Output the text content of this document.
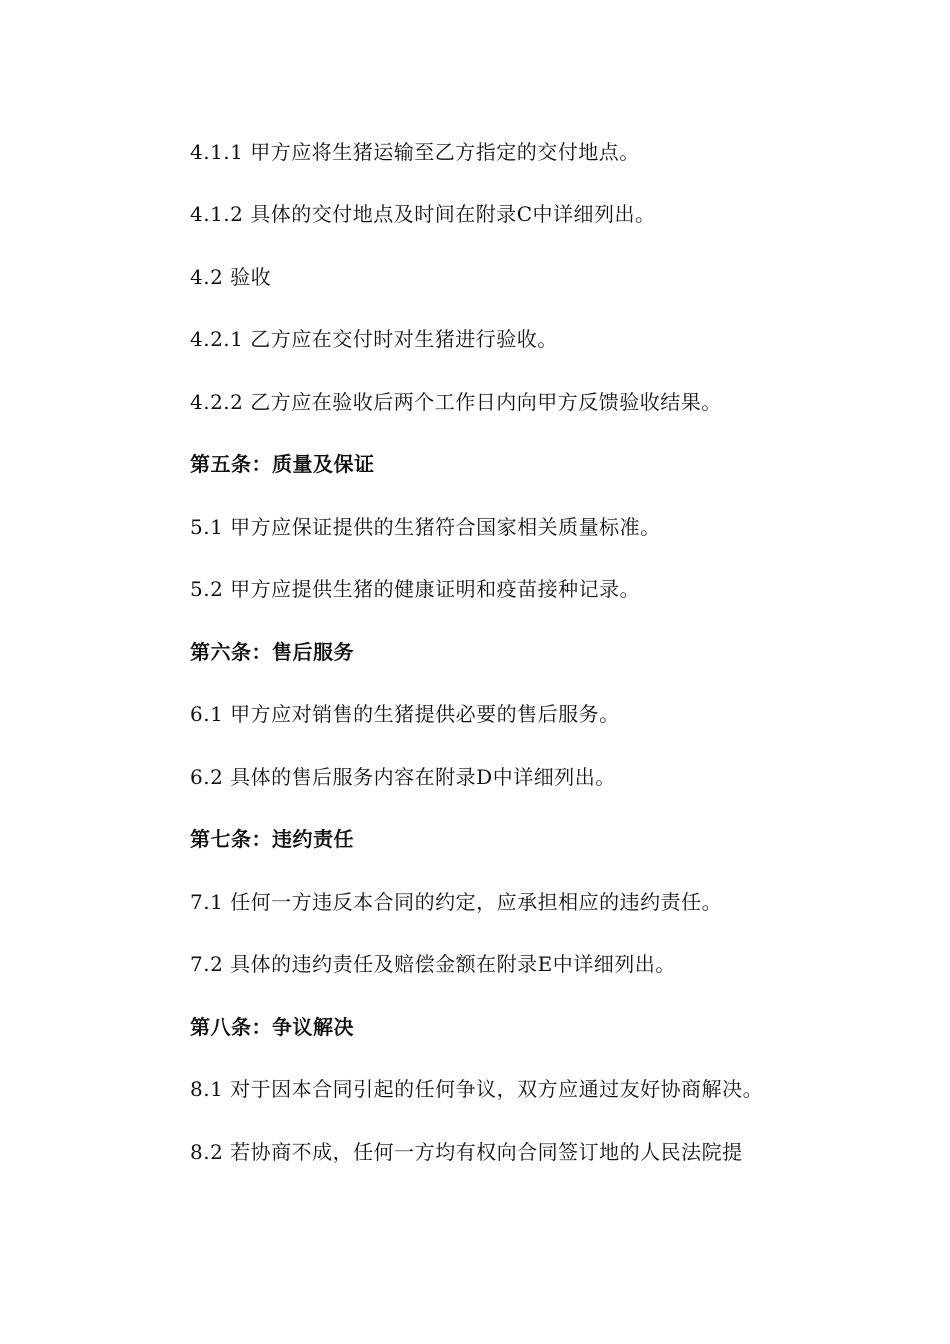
4.1.1 甲方应将生猪运输至乙方指定的交付地点。
4.1.2 具体的交付地点及时间在附录C中详细列出。
4.2 验收
4.2.1 乙方应在交付时对生猪进行验收。
4.2.2 乙方应在验收后两个工作日内向甲方反馈验收结果。
第五条：质量及保证
5.1 甲方应保证提供的生猪符合国家相关质量标准。
5.2 甲方应提供生猪的健康证明和疫苗接种记录。
第六条：售后服务
6.1 甲方应对销售的生猪提供必要的售后服务。
6.2 具体的售后服务内容在附录D中详细列出。
第七条：违约责任
7.1 任何一方违反本合同的约定，应承担相应的违约责任。
7.2 具体的违约责任及赔偿金额在附录E中详细列出。
第八条：争议解决
8.1 对于因本合同引起的任何争议，双方应通过友好协商解决。
8.2 若协商不成，任何一方均有权向合同签订地的人民法院提
